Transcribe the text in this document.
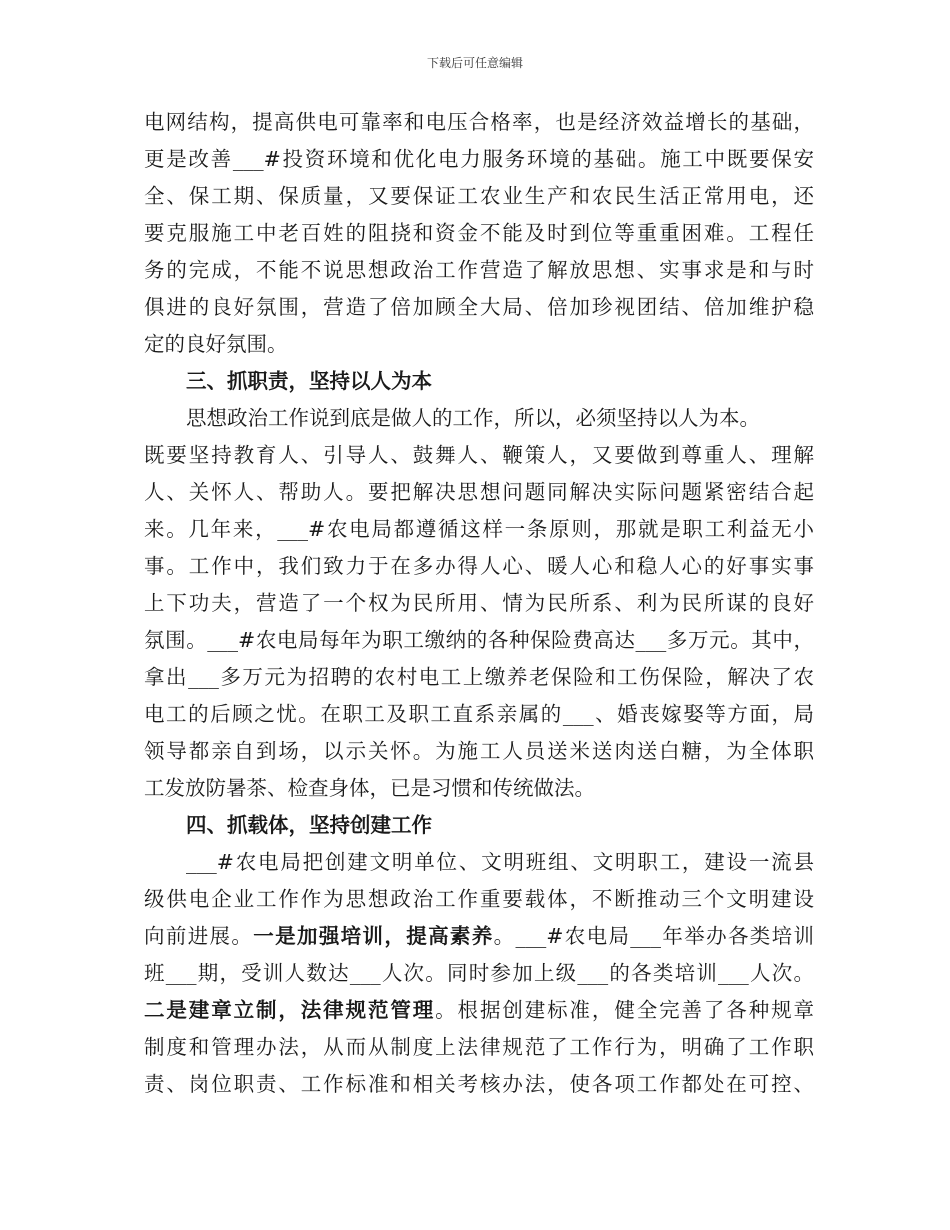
下载后可任意编辑
电网结构，提高供电可靠率和电压合格率，也是经济效益增长的基础，
更是改善___#投资环境和优化电力服务环境的基础。施工中既要保安
全、保工期、保质量，又要保证工农业生产和农民生活正常用电，还
要克服施工中老百姓的阻挠和资金不能及时到位等重重困难。工程任
务的完成，不能不说思想政治工作营造了解放思想、实事求是和与时
俱进的良好氛围，营造了倍加顾全大局、倍加珍视团结、倍加维护稳
定的良好氛围。
三、抓职责，坚持以人为本
思想政治工作说到底是做人的工作，所以，必须坚持以人为本。
既要坚持教育人、引导人、鼓舞人、鞭策人，又要做到尊重人、理解
人、关怀人、帮助人。要把解决思想问题同解决实际问题紧密结合起
来。几年来，___#农电局都遵循这样一条原则，那就是职工利益无小
事。工作中，我们致力于在多办得人心、暖人心和稳人心的好事实事
上下功夫，营造了一个权为民所用、情为民所系、利为民所谋的良好
氛围。___#农电局每年为职工缴纳的各种保险费高达___多万元。其中，
拿出___多万元为招聘的农村电工上缴养老保险和工伤保险，解决了农
电工的后顾之忧。在职工及职工直系亲属的___、婚丧嫁娶等方面，局
领导都亲自到场，以示关怀。为施工人员送米送肉送白糖，为全体职
工发放防暑茶、检查身体，已是习惯和传统做法。
四、抓载体，坚持创建工作
___#农电局把创建文明单位、文明班组、文明职工，建设一流县
级供电企业工作作为思想政治工作重要载体，不断推动三个文明建设
向前进展。一是加强培训，提高素养。___#农电局___年举办各类培训
班___期，受训人数达___人次。同时参加上级___的各类培训___人次。
二是建章立制，法律规范管理。根据创建标准，健全完善了各种规章
制度和管理办法，从而从制度上法律规范了工作行为，明确了工作职
责、岗位职责、工作标准和相关考核办法，使各项工作都处在可控、
